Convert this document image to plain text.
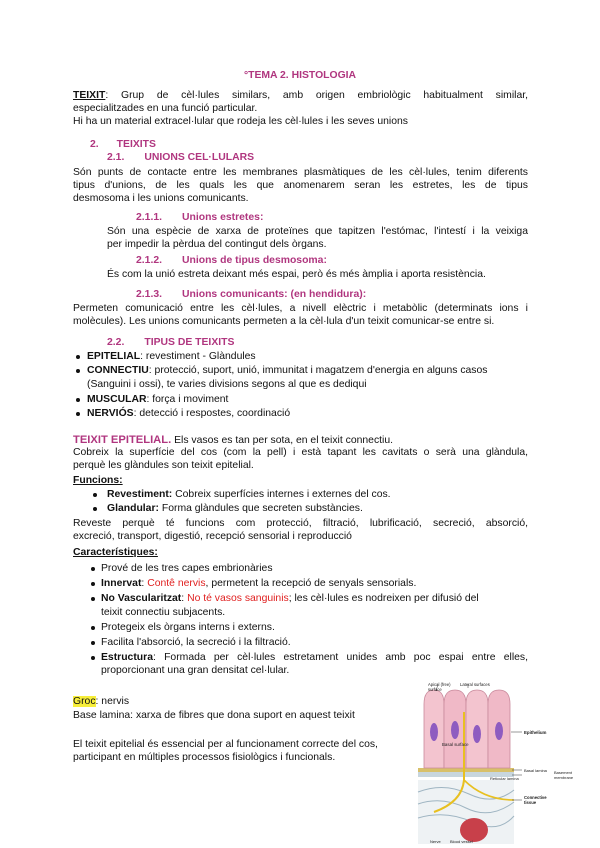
°TEMA 2. HISTOLOGIA
TEIXIT: Grup de cèl·lules similars, amb origen embriològic habitualment similar,
especialitzades en una funció particular.
Hi ha un material extracel·lular que rodeja les cèl·lules i les seves unions
2. TEIXITS
2.1. UNIONS CEL·LULARS
Són punts de contacte entre les membranes plasmàtiques de les cèl·lules, tenim diferents
tipus d'unions, de les quals les que anomenarem seran les estretes, les de tipus
desmosoma i les unions comunicants.
2.1.1. Unions estretes:
Són una espècie de xarxa de proteïnes que tapitzen l'estómac, l'intestí i la veixiga
per impedir la pèrdua del contingut dels òrgans.
2.1.2. Unions de tipus desmosoma:
És com la unió estreta deixant més espai, però és més àmplia i aporta resistència.
2.1.3. Unions comunicants: (en hendidura):
Permeten comunicació entre les cèl·lules, a nivell elèctric i metabòlic (determinats ions i
molècules). Les unions comunicants permeten a la cèl·lula d'un teixit comunicar-se entre si.
2.2. TIPUS DE TEIXITS
EPITELIAL: revestiment - Glàndules
CONNECTIU: protecció, suport, unió, immunitat i magatzem d'energia en alguns casos
(Sanguini i ossi), te varies divisions segons al que es dediqui
MUSCULAR: força i moviment
NERVIÓS: detecció i respostes, coordinació
TEIXIT EPITELIAL. Els vasos es tan per sota, en el teixit connectiu.
Cobreix la superfície del cos (com la pell) i està tapant les cavitats o serà una glàndula,
perquè les glàndules son teixit epitelial.
Funcions:
Revestiment: Cobreix superfícies internes i externes del cos.
Glandular: Forma glàndules que secreten substàncies.
Reveste perquè té funcions com protecció, filtració, lubrificació, secreció, absorció,
excreció, transport, digestió, recepció sensorial i reproducció
Característiques:
Prové de les tres capes embrionàries
Innervat: Contê nervis, permetent la recepció de senyals sensorials.
No Vascularitzat: No té vasos sanguinis; les cèl·lules es nodreixen per difusió del
teixit connectiu subjacents.
Protegeix els òrgans interns i externs.
Facilita l'absorció, la secreció i la filtració.
Estructura: Formada per cèl·lules estretament unides amb poc espai entre elles,
proporcionant una gran densitat cel·lular.
Groc: nervis
Base lamina: xarxa de fibres que dona suport en aquest teixit
El teixit epitelial és essencial per al funcionament correcte del cos,
participant en múltiples processos fisiològics i funcionals.
Apical (free)
surface
Lateral surfaces
Epithelium
Basal surface
Basal lamina
Reticular lamina
Basement
membrane
Connective
tissue
Nerve Blood vessel
